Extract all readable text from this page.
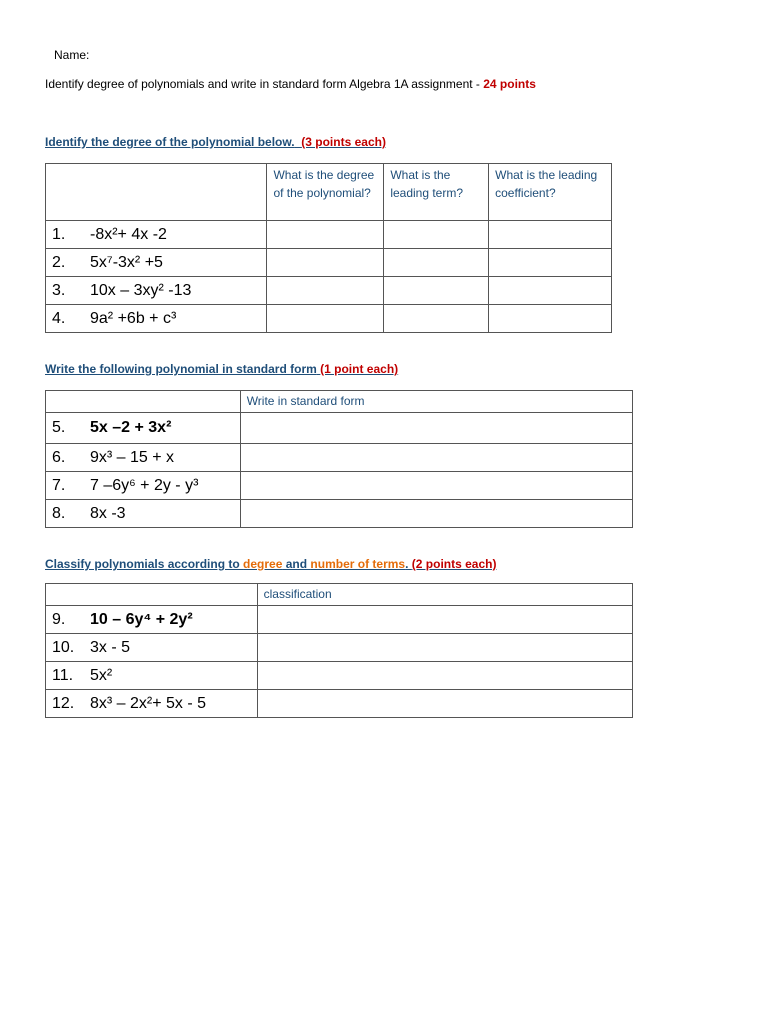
Name:
Identify degree of polynomials and write in standard form Algebra 1A assignment - 24 points
Identify the degree of the polynomial below. (3 points each)
	What is the degree of the polynomial?	What is the leading term?	What is the leading coefficient?
1. -8x²+ 4x -2			
2. 5x⁷-3x² +5			
3. 10x – 3xy² -13			
4. 9a² +6b + c³			
Write the following polynomial in standard form (1 point each)
	Write in standard form
5. 5x –2 + 3x²	
6. 9x³ – 15 + x	
7. 7 –6y⁶ + 2y - y³	
8. 8x -3	
Classify polynomials according to degree and number of terms. (2 points each)
	classification
9. 10 – 6y⁴ + 2y²	
10. 3x - 5	
11. 5x²	
12. 8x³ – 2x²+ 5x - 5	
